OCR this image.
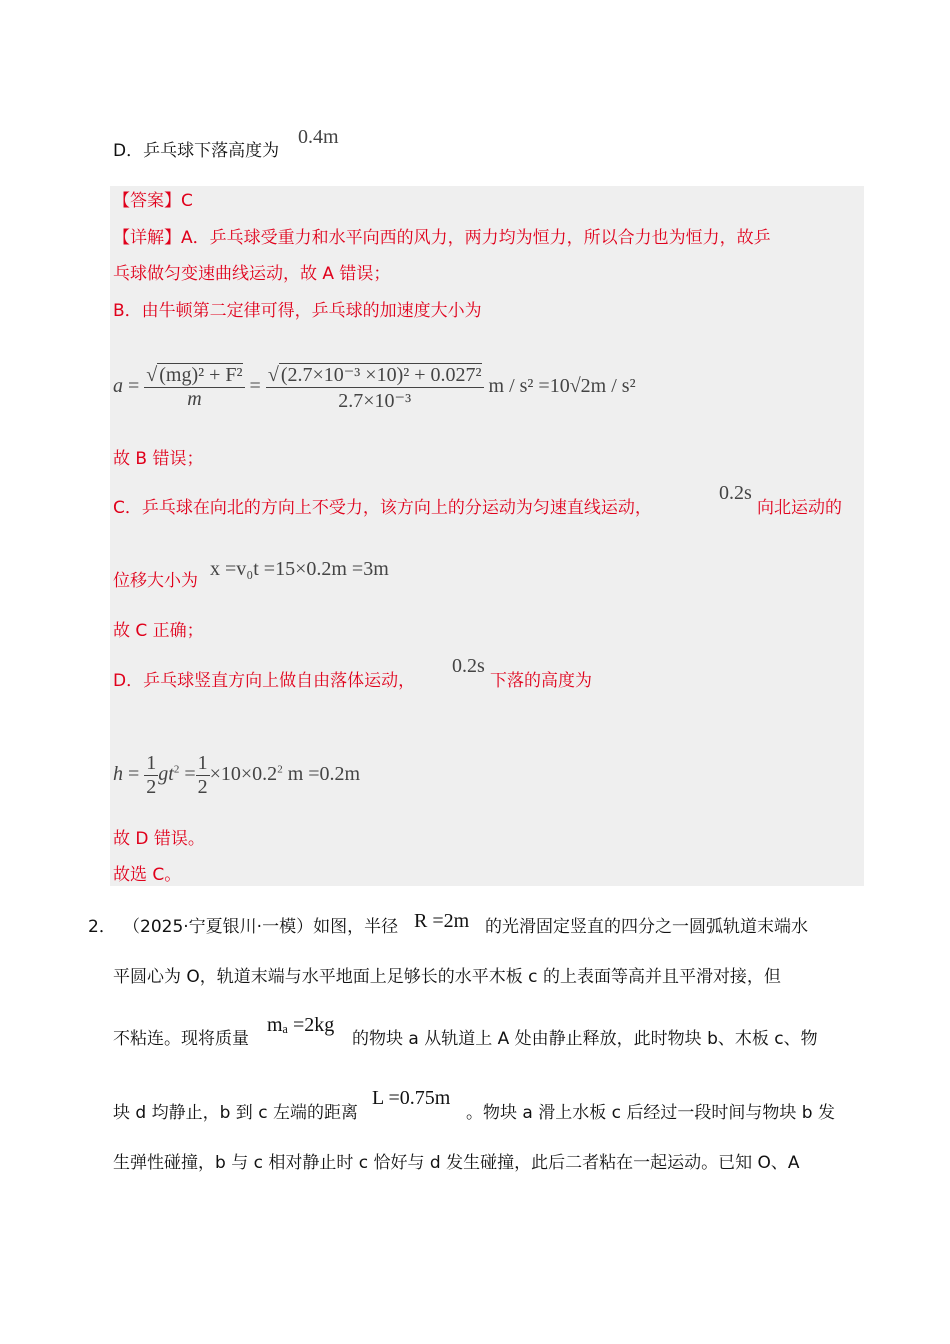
D．乒乓球下落高度为
0.4m
【答案】C
【详解】A．乒乓球受重力和水平向西的风力，两力均为恒力，所以合力也为恒力，故乒
乓球做匀变速曲线运动，故 A 错误；
B．由牛顿第二定律可得，乒乓球的加速度大小为
$a = \frac{\text{√ (mg)² + F²}}{m} = \frac{\text{√ (2.7×10⁻³ ×10)² + 0.027²}}{\text{2.7×10⁻³}}$ m / s² =10√2m / s²
故 B 错误；
C．乒乓球在向北的方向上不受力，该方向上的分运动为匀速直线运动，
0.2s
向北运动的
位移大小为
x =v₀t =15×0.2m =3m
故 C 正确；
D．乒乓球竖直方向上做自由落体运动，
0.2s
下落的高度为
$h = \frac{1}{2} gt^2 = \frac{1}{2} \times 10\times 0.2^2$ m =0.2m
故 D 错误。
故选 C。
2． （2025·宁夏银川·一模）如图，半径 R =2m 的光滑固定竖直的四分之一圆弧轨道末端水
平圆心为 O，轨道末端与水平地面上足够长的水平木板 c 的上表面等高并且平滑对接，但
不粘连。现将质量
mₐ =2kg
的物块 a 从轨道上 A 处由静止释放，此时物块 b、木板 c、物
块 d 均静止，b 到 c 左端的距离
L =0.75m
。物块 a 滑上水板 c 后经过一段时间与物块 b 发
生弹性碰撞，b 与 c 相对静止时 c 恰好与 d 发生碰撞，此后二者粘在一起运动。已知 O、A
